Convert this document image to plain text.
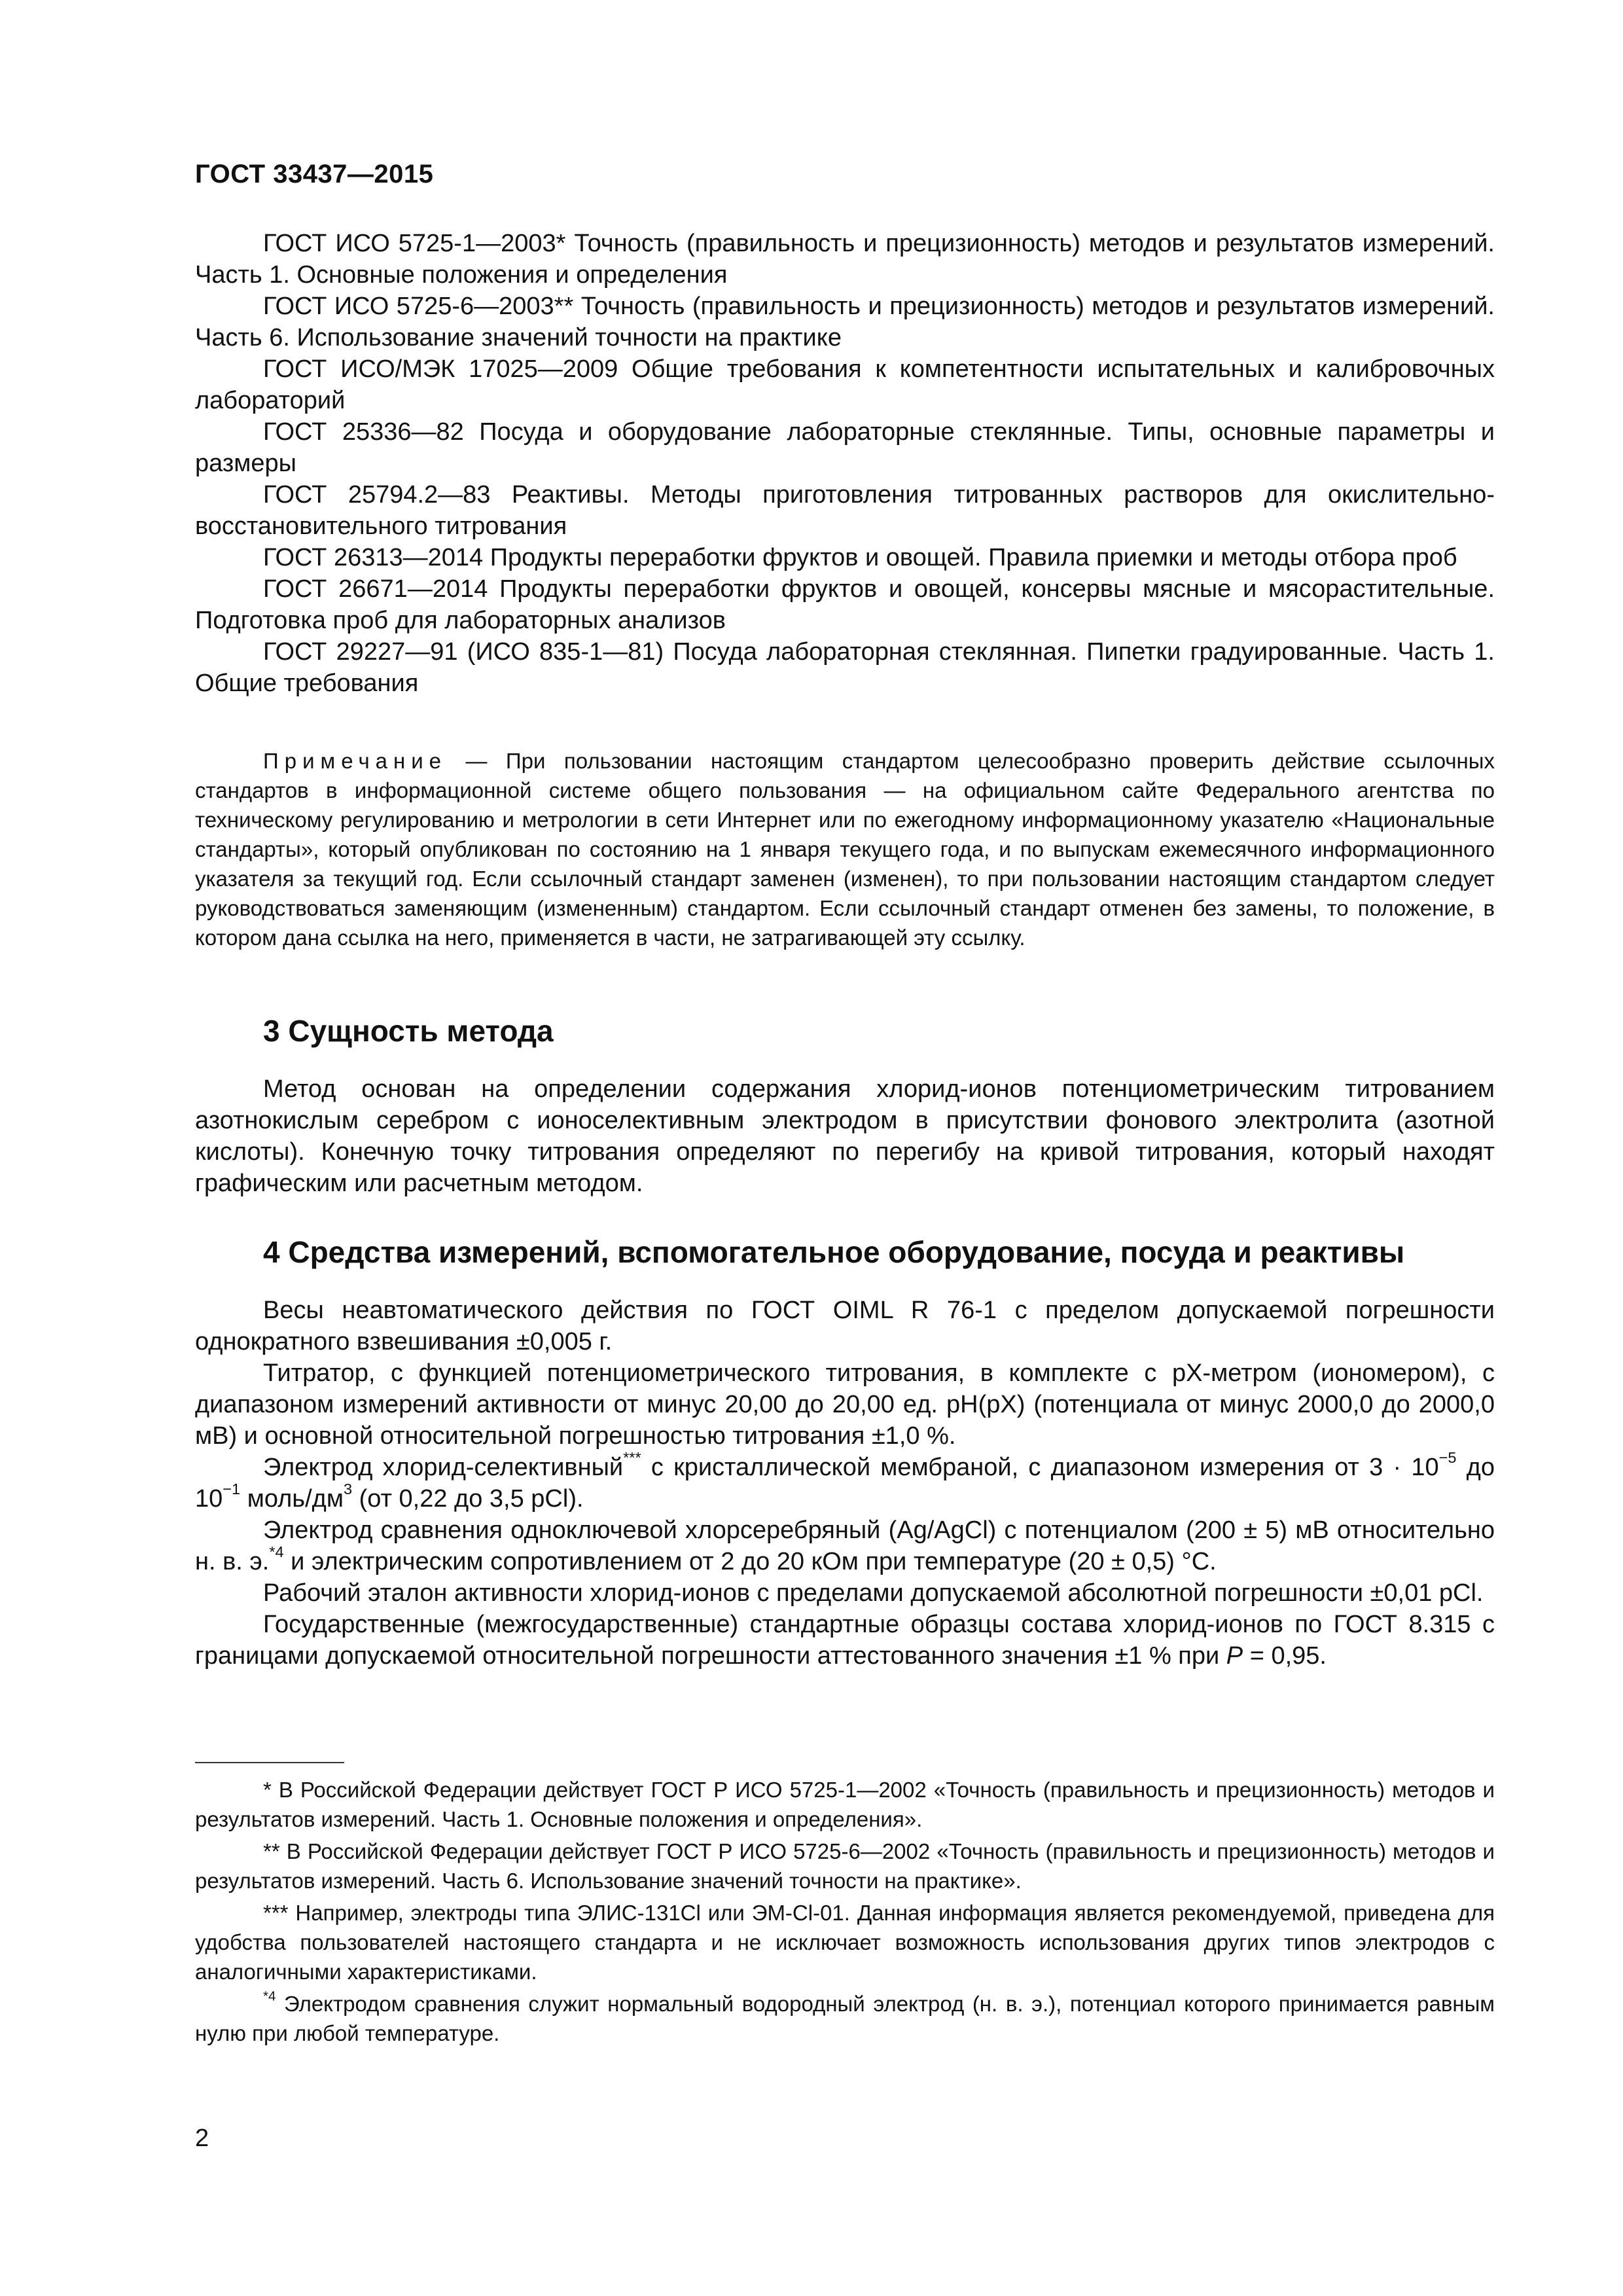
ГОСТ 33437—2015

ГОСТ ИСО 5725-1—2003* Точность (правильность и прецизионность) методов и результатов измерений. Часть 1. Основные положения и определения

ГОСТ ИСО 5725-6—2003** Точность (правильность и прецизионность) методов и результатов измерений. Часть 6. Использование значений точности на практике

ГОСТ ИСО/МЭК 17025—2009 Общие требования к компетентности испытательных и калибровочных лабораторий

ГОСТ 25336—82 Посуда и оборудование лабораторные стеклянные. Типы, основные параметры и размеры

ГОСТ 25794.2—83 Реактивы. Методы приготовления титрованных растворов для окислительно-восстановительного титрования

ГОСТ 26313—2014 Продукты переработки фруктов и овощей. Правила приемки и методы отбора проб

ГОСТ 26671—2014 Продукты переработки фруктов и овощей, консервы мясные и мясорастительные. Подготовка проб для лабораторных анализов

ГОСТ 29227—91 (ИСО 835-1—81) Посуда лабораторная стеклянная. Пипетки градуированные. Часть 1. Общие требования

Примечание — При пользовании настоящим стандартом целесообразно проверить действие ссылочных стандартов в информационной системе общего пользования — на официальном сайте Федерального агентства по техническому регулированию и метрологии в сети Интернет или по ежегодному информационному указателю «Национальные стандарты», который опубликован по состоянию на 1 января текущего года, и по выпускам ежемесячного информационного указателя за текущий год. Если ссылочный стандарт заменен (изменен), то при пользовании настоящим стандартом следует руководствоваться заменяющим (измененным) стандартом. Если ссылочный стандарт отменен без замены, то положение, в котором дана ссылка на него, применяется в части, не затрагивающей эту ссылку.

3 Сущность метода

Метод основан на определении содержания хлорид-ионов потенциометрическим титрованием азотнокислым серебром с ионоселективным электродом в присутствии фонового электролита (азотной кислоты). Конечную точку титрования определяют по перегибу на кривой титрования, который находят графическим или расчетным методом.

4 Средства измерений, вспомогательное оборудование, посуда и реактивы

Весы неавтоматического действия по ГОСТ OIML R 76-1 с пределом допускаемой погрешности однократного взвешивания ±0,005 г.

Титратор, с функцией потенциометрического титрования, в комплекте с pX-метром (иономером), с диапазоном измерений активности от минус 20,00 до 20,00 ед. pH(pX) (потенциала от минус 2000,0 до 2000,0 мВ) и основной относительной погрешностью титрования ±1,0 %.

Электрод хлорид-селективный*** с кристаллической мембраной, с диапазоном измерения от $3 \cdot 10^{-5}$ до $10^{-1}$ моль/$дм^3$ (от 0,22 до 3,5 pCl).

Электрод сравнения одноключевой хлорсеребряный (Ag/AgCl) с потенциалом (200 ± 5) мВ относительно н. в. э.$^{*4}$ и электрическим сопротивлением от 2 до 20 кОм при температуре (20 ± 0,5) °С.

Рабочий эталон активности хлорид-ионов с пределами допускаемой абсолютной погрешности ±0,01 pCl.

Государственные (межгосударственные) стандартные образцы состава хлорид-ионов по ГОСТ 8.315 с границами допускаемой относительной погрешности аттестованного значения ±1 % при P = 0,95.

* В Российской Федерации действует ГОСТ Р ИСО 5725-1—2002 «Точность (правильность и прецизионность) методов и результатов измерений. Часть 1. Основные положения и определения».

** В Российской Федерации действует ГОСТ Р ИСО 5725-6—2002 «Точность (правильность и прецизионность) методов и результатов измерений. Часть 6. Использование значений точности на практике».

*** Например, электроды типа ЭЛИС-131Cl или ЭМ-Cl-01. Данная информация является рекомендуемой, приведена для удобства пользователей настоящего стандарта и не исключает возможность использования других типов электродов с аналогичными характеристиками.

$^{*4}$ Электродом сравнения служит нормальный водородный электрод (н. в. э.), потенциал которого принимается равным нулю при любой температуре.

2
